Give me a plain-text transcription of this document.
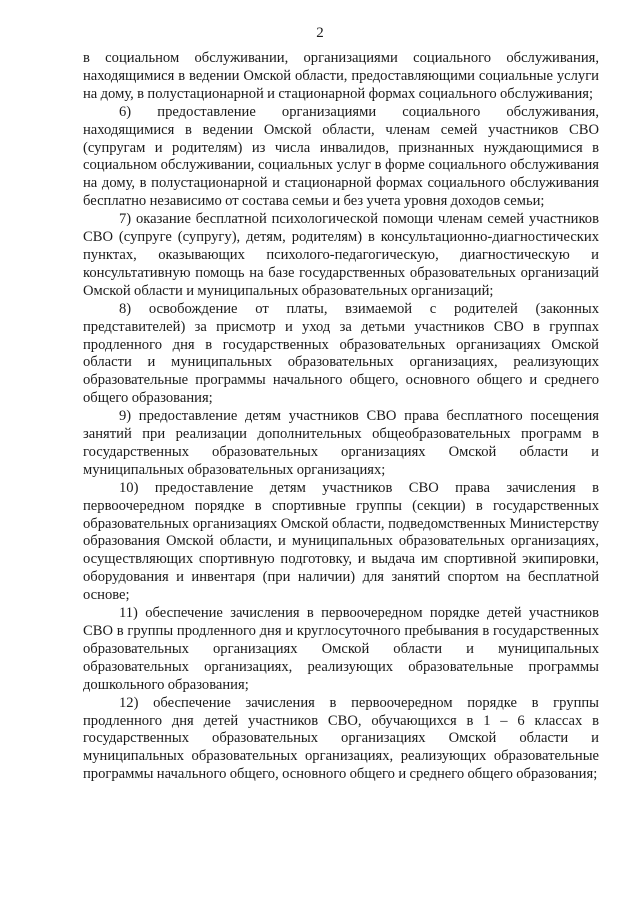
2

в социальном обслуживании, организациями социального обслуживания, находящимися в ведении Омской области, предоставляющими социальные услуги на дому, в полустационарной и стационарной формах социального обслуживания;

6) предоставление организациями социального обслуживания, находящимися в ведении Омской области, членам семей участников СВО (супругам и родителям) из числа инвалидов, признанных нуждающимися в социальном обслуживании, социальных услуг в форме социального обслуживания на дому, в полустационарной и стационарной формах социального обслуживания бесплатно независимо от состава семьи и без учета уровня доходов семьи;

7) оказание бесплатной психологической помощи членам семей участников СВО (супруге (супругу), детям, родителям) в консультационно-диагностических пунктах, оказывающих психолого-педагогическую, диагностическую и консультативную помощь на базе государственных образовательных организаций Омской области и муниципальных образовательных организаций;

8) освобождение от платы, взимаемой с родителей (законных представителей) за присмотр и уход за детьми участников СВО в группах продленного дня в государственных образовательных организациях Омской области и муниципальных образовательных организациях, реализующих образовательные программы начального общего, основного общего и среднего общего образования;

9) предоставление детям участников СВО права бесплатного посещения занятий при реализации дополнительных общеобразовательных программ в государственных образовательных организациях Омской области и муниципальных образовательных организациях;

10) предоставление детям участников СВО права зачисления в первоочередном порядке в спортивные группы (секции) в государственных образовательных организациях Омской области, подведомственных Министерству образования Омской области, и муниципальных образовательных организациях, осуществляющих спортивную подготовку, и выдача им спортивной экипировки, оборудования и инвентаря (при наличии) для занятий спортом на бесплатной основе;

11) обеспечение зачисления в первоочередном порядке детей участников СВО в группы продленного дня и круглосуточного пребывания в государственных образовательных организациях Омской области и муниципальных образовательных организациях, реализующих образовательные программы дошкольного образования;

12) обеспечение зачисления в первоочередном порядке в группы продленного дня детей участников СВО, обучающихся в 1 – 6 классах в государственных образовательных организациях Омской области и муниципальных образовательных организациях, реализующих образовательные программы начального общего, основного общего и среднего общего образования;
